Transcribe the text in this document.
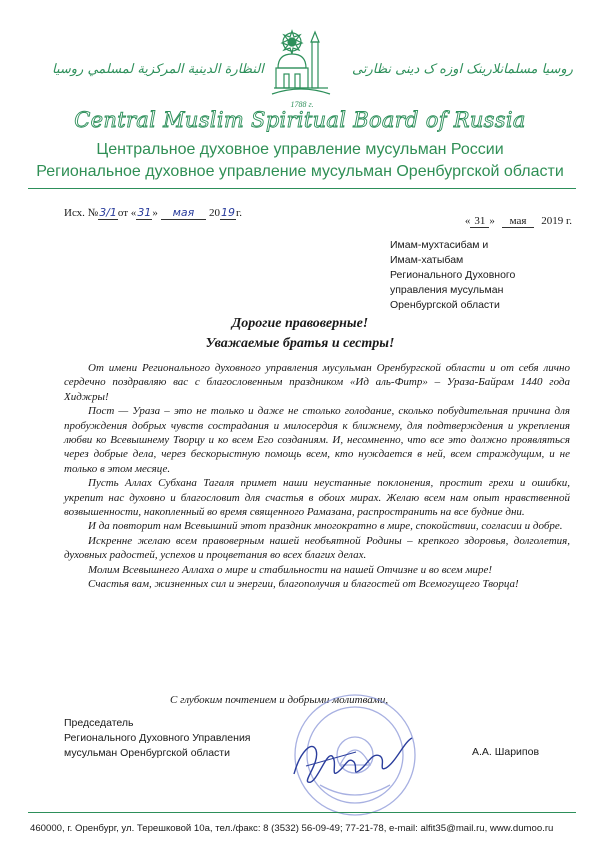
النظارة الدينية المركزية لمسلمي روسيا	روسيا مسلمانلارینک اوزه ک دینی نظارتی
1788 г.
Central Muslim Spiritual Board of Russia
Центральное духовное управление мусульман России
Региональное духовное управление мусульман Оренбургской области
Исх. №3/1от «31» мая 2019г.
« 31 » мая 2019 г.
Имам-мухтасибам и
Имам-хатыбам
Регионального Духовного
управления мусульман
Оренбургской области
Дорогие правоверные!
Уважаемые братья и сестры!

От имени Регионального духовного управления мусульман Оренбургской области и от себя лично сердечно поздравляю вас с благословенным праздником «Ид аль-Фитр» – Ураза-Байрам 1440 года Хиджры!

Пост — Ураза – это не только и даже не столько голодание, сколько побудительная причина для пробуждения добрых чувств сострадания и милосердия к ближнему, для подтверждения и укрепления любви ко Всевышнему Творцу и ко всем Его созданиям. И, несомненно, что все это должно проявляться через добрые дела, через бескорыстную помощь всем, кто нуждается в ней, всем страждущим, и не только в этом месяце.

Пусть Аллах Субхана Тагаля примет наши неустанные поклонения, простит грехи и ошибки, укрепит нас духовно и благословит для счастья в обоих мирах. Желаю всем нам опыт нравственной возвышенности, накопленный во время священного Рамазана, распространить на все будние дни.

И да повторит нам Всевышний этот праздник многократно в мире, спокойствии, согласии и добре.

Искренне желаю всем правоверным нашей необъятной Родины – крепкого здоровья, долголетия, духовных радостей, успехов и процветания во всех благих делах.

Молим Всевышнего Аллаха о мире и стабильности на нашей Отчизне и во всем мире!

Счастья вам, жизненных сил и энергии, благополучия и благостей от Всемогущего Творца!

С глубоким почтением и добрыми молитвами,
Председатель
Регионального Духовного Управления
мусульман Оренбургской области	А.А. Шарипов
460000, г. Оренбург, ул. Терешковой 10а, тел./факс: 8 (3532) 56-09-49; 77-21-78, e-mail: alfit35@mail.ru, www.dumoo.ru
